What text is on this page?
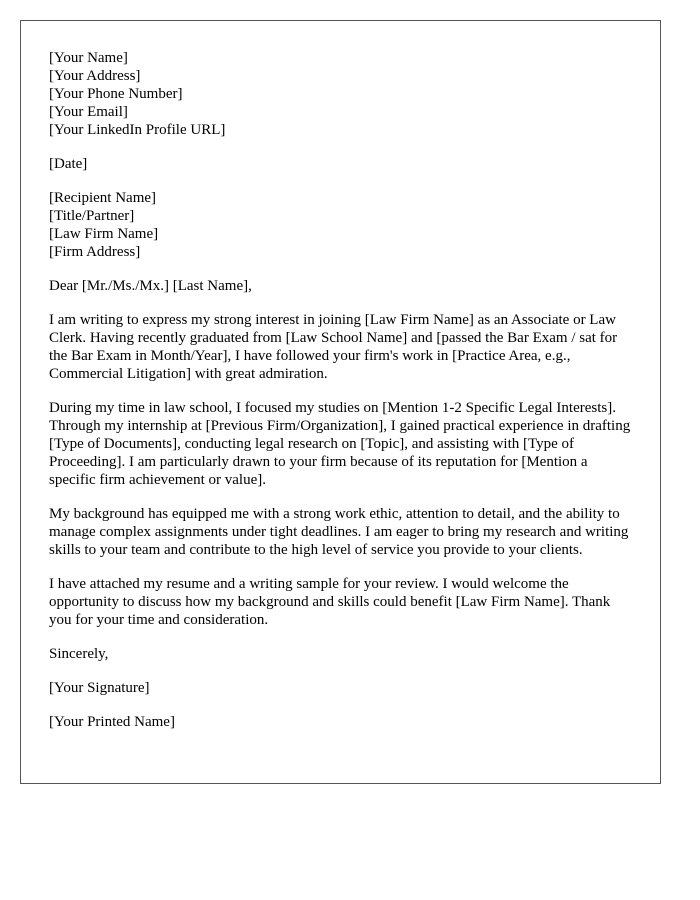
[Your Name]
[Your Address]
[Your Phone Number]
[Your Email]
[Your LinkedIn Profile URL]
[Date]
[Recipient Name]
[Title/Partner]
[Law Firm Name]
[Firm Address]
Dear [Mr./Ms./Mx.] [Last Name],

I am writing to express my strong interest in joining [Law Firm Name] as an Associate or Law Clerk. Having recently graduated from [Law School Name] and [passed the Bar Exam / sat for the Bar Exam in Month/Year], I have followed your firm's work in [Practice Area, e.g., Commercial Litigation] with great admiration.

During my time in law school, I focused my studies on [Mention 1-2 Specific Legal Interests]. Through my internship at [Previous Firm/Organization], I gained practical experience in drafting [Type of Documents], conducting legal research on [Topic], and assisting with [Type of Proceeding]. I am particularly drawn to your firm because of its reputation for [Mention a specific firm achievement or value].

My background has equipped me with a strong work ethic, attention to detail, and the ability to manage complex assignments under tight deadlines. I am eager to bring my research and writing skills to your team and contribute to the high level of service you provide to your clients.

I have attached my resume and a writing sample for your review. I would welcome the opportunity to discuss how my background and skills could benefit [Law Firm Name]. Thank you for your time and consideration.

Sincerely,
[Your Signature]
[Your Printed Name]
